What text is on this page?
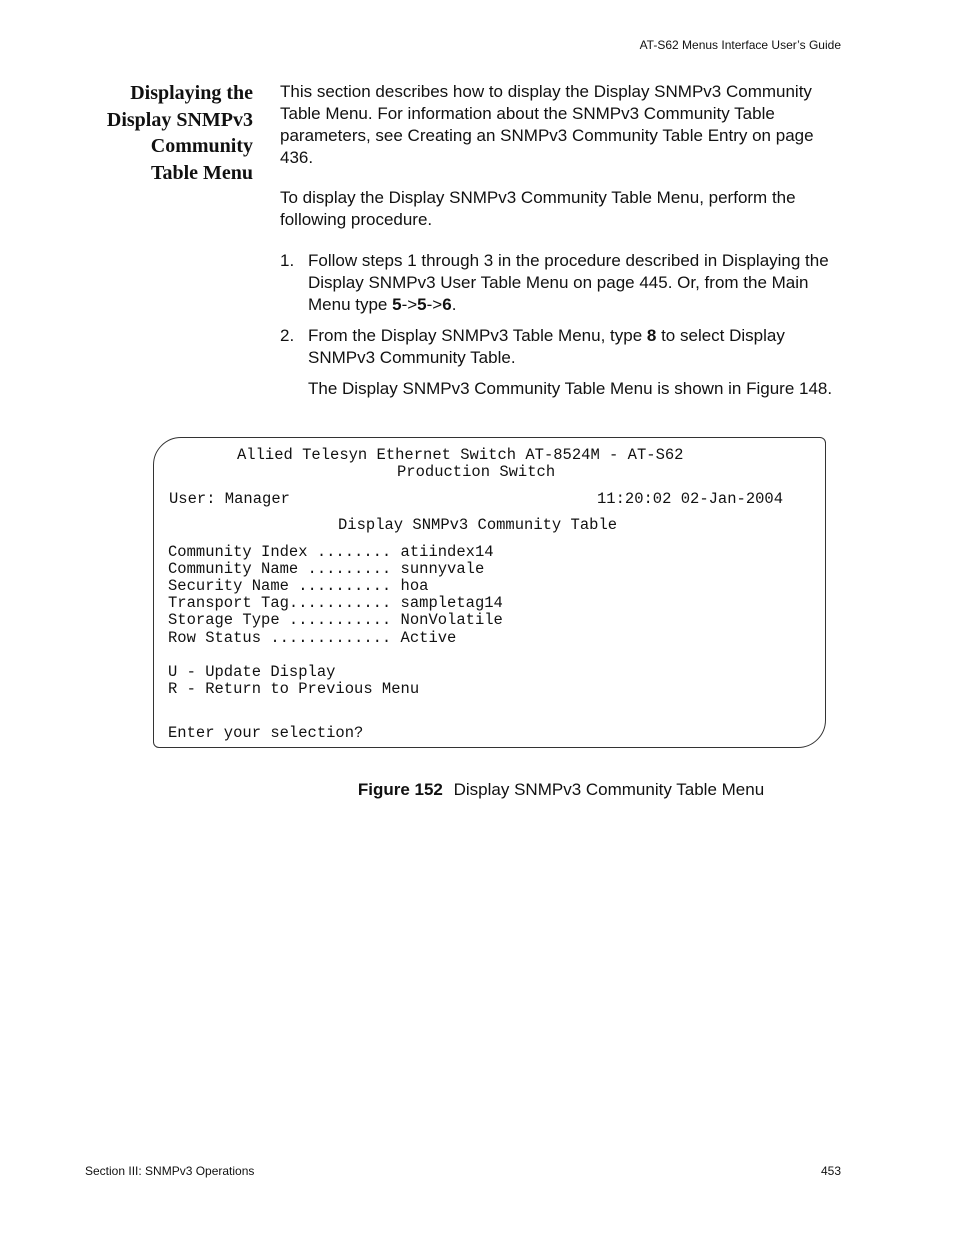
AT-S62 Menus Interface User’s Guide
Displaying the
Display SNMPv3
Community
Table Menu

This section describes how to display the Display SNMPv3 Community Table Menu. For information about the SNMPv3 Community Table parameters, see Creating an SNMPv3 Community Table Entry on page 436.

To display the Display SNMPv3 Community Table Menu, perform the following procedure.

1. Follow steps 1 through 3 in the procedure described in Displaying the Display SNMPv3 User Table Menu on page 445. Or, from the Main Menu type 5->5->6.
2. From the Display SNMPv3 Table Menu, type 8 to select Display SNMPv3 Community Table.
The Display SNMPv3 Community Table Menu is shown in Figure 148.
Allied Telesyn Ethernet Switch AT-8524M - AT-S62
Production Switch
User: Manager	11:20:02 02-Jan-2004
Display SNMPv3 Community Table
Community Index ........ atiindex14
Community Name ......... sunnyvale
Security Name .......... hoa
Transport Tag........... sampletag14
Storage Type ........... NonVolatile
Row Status ............. Active
U - Update Display
R - Return to Previous Menu
Enter your selection?
Figure 152 Display SNMPv3 Community Table Menu
Section III: SNMPv3 Operations	453
